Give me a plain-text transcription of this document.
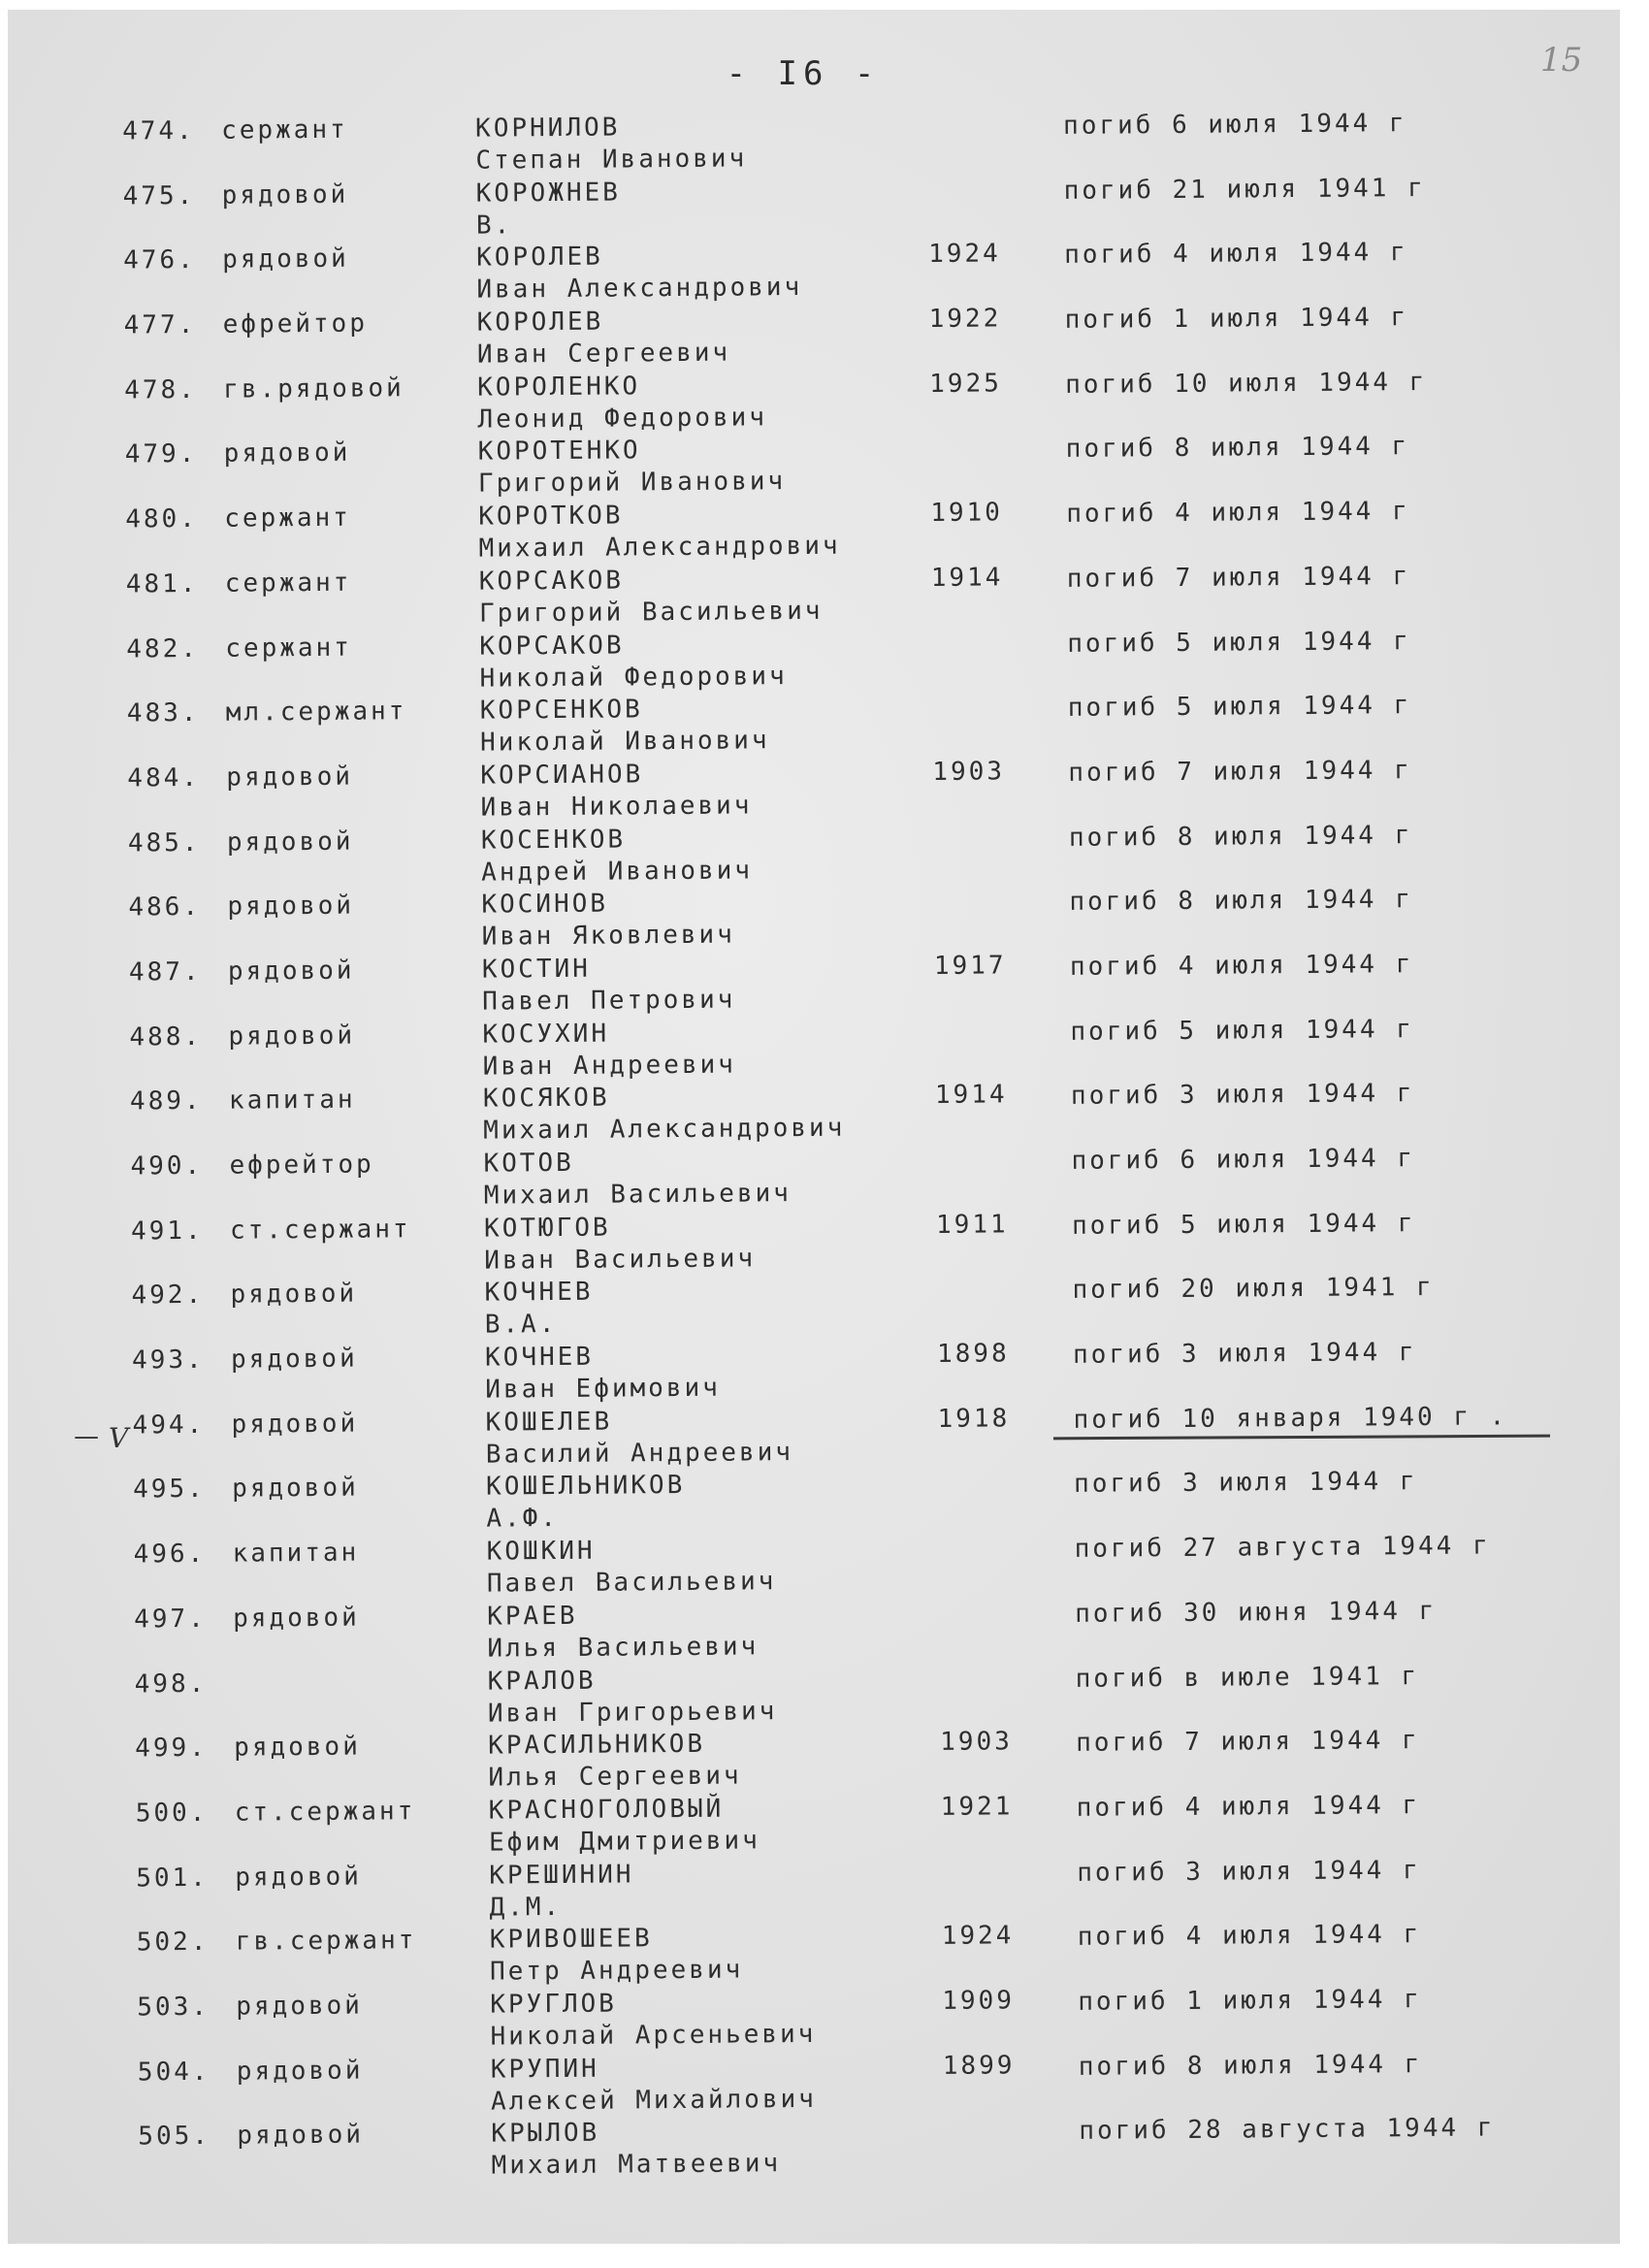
- I6 -	15
474. сержант	КОРНИЛОВ
Степан Иванович
погиб 6 июля 1944 г
475. рядовой	КОРОЖНЕВ
В.
погиб 21 июля 1941 г
476. рядовой	КОРОЛЕВ
Иван Александрович
1924	погиб 4 июля 1944 г
477. ефрейтор	КОРОЛЕВ
Иван Сергеевич
1922	погиб 1 июля 1944 г
478. гв.рядовой	КОРОЛЕНКО
Леонид Федорович
1925	погиб 10 июля 1944 г
479. рядовой	КОРОТЕНКО
Григорий Иванович
погиб 8 июля 1944 г
480. сержант	КОРОТКОВ
Михаил Александрович
1910	погиб 4 июля 1944 г
481. сержант	КОРСАКОВ
Григорий Васильевич
1914	погиб 7 июля 1944 г
482. сержант	КОРСАКОВ
Николай Федорович
погиб 5 июля 1944 г
483. мл.сержант	КОРСЕНКОВ
Николай Иванович
погиб 5 июля 1944 г
484. рядовой	КОРСИАНОВ
Иван Николаевич
1903	погиб 7 июля 1944 г
485. рядовой	КОСЕНКОВ
Андрей Иванович
погиб 8 июля 1944 г
486. рядовой	КОСИНОВ
Иван Яковлевич
погиб 8 июля 1944 г
487. рядовой	КОСТИН
Павел Петрович
1917	погиб 4 июля 1944 г
488. рядовой	КОСУХИН
Иван Андреевич
погиб 5 июля 1944 г
489. капитан	КОСЯКОВ
Михаил Александрович
1914	погиб 3 июля 1944 г
490. ефрейтор	КОТОВ
Михаил Васильевич
погиб 6 июля 1944 г
491. ст.сержант	КОТЮГОВ
Иван Васильевич
1911	погиб 5 июля 1944 г
492. рядовой	КОЧНЕВ
В.А.
погиб 20 июля 1941 г
493. рядовой	КОЧНЕВ
Иван Ефимович
1898	погиб 3 июля 1944 г
494. рядовой	КОШЕЛЕВ
Василий Андреевич
1918	погиб 10 января 1940 г .
495. рядовой	КОШЕЛЬНИКОВ
А.Ф.
погиб 3 июля 1944 г
496. капитан	КОШКИН
Павел Васильевич
погиб 27 августа 1944 г
497. рядовой	КРАЕВ
Илья Васильевич
погиб 30 июня 1944 г
498.	КРАЛОВ
Иван Григорьевич
погиб в июле 1941 г
499. рядовой	КРАСИЛЬНИКОВ
Илья Сергеевич
1903	погиб 7 июля 1944 г
500. ст.сержант	КРАСНОГОЛОВЫЙ
Ефим Дмитриевич
1921	погиб 4 июля 1944 г
501. рядовой	КРЕШИНИН
Д.М.
погиб 3 июля 1944 г
502. гв.сержант	КРИВОШЕЕВ
Петр Андреевич
1924	погиб 4 июля 1944 г
503. рядовой	КРУГЛОВ
Николай Арсеньевич
1909	погиб 1 июля 1944 г
504. рядовой	КРУПИН
Алексей Михайлович
1899	погиб 8 июля 1944 г
505. рядовой	КРЫЛОВ
Михаил Матвеевич
погиб 28 августа 1944 г
— V
